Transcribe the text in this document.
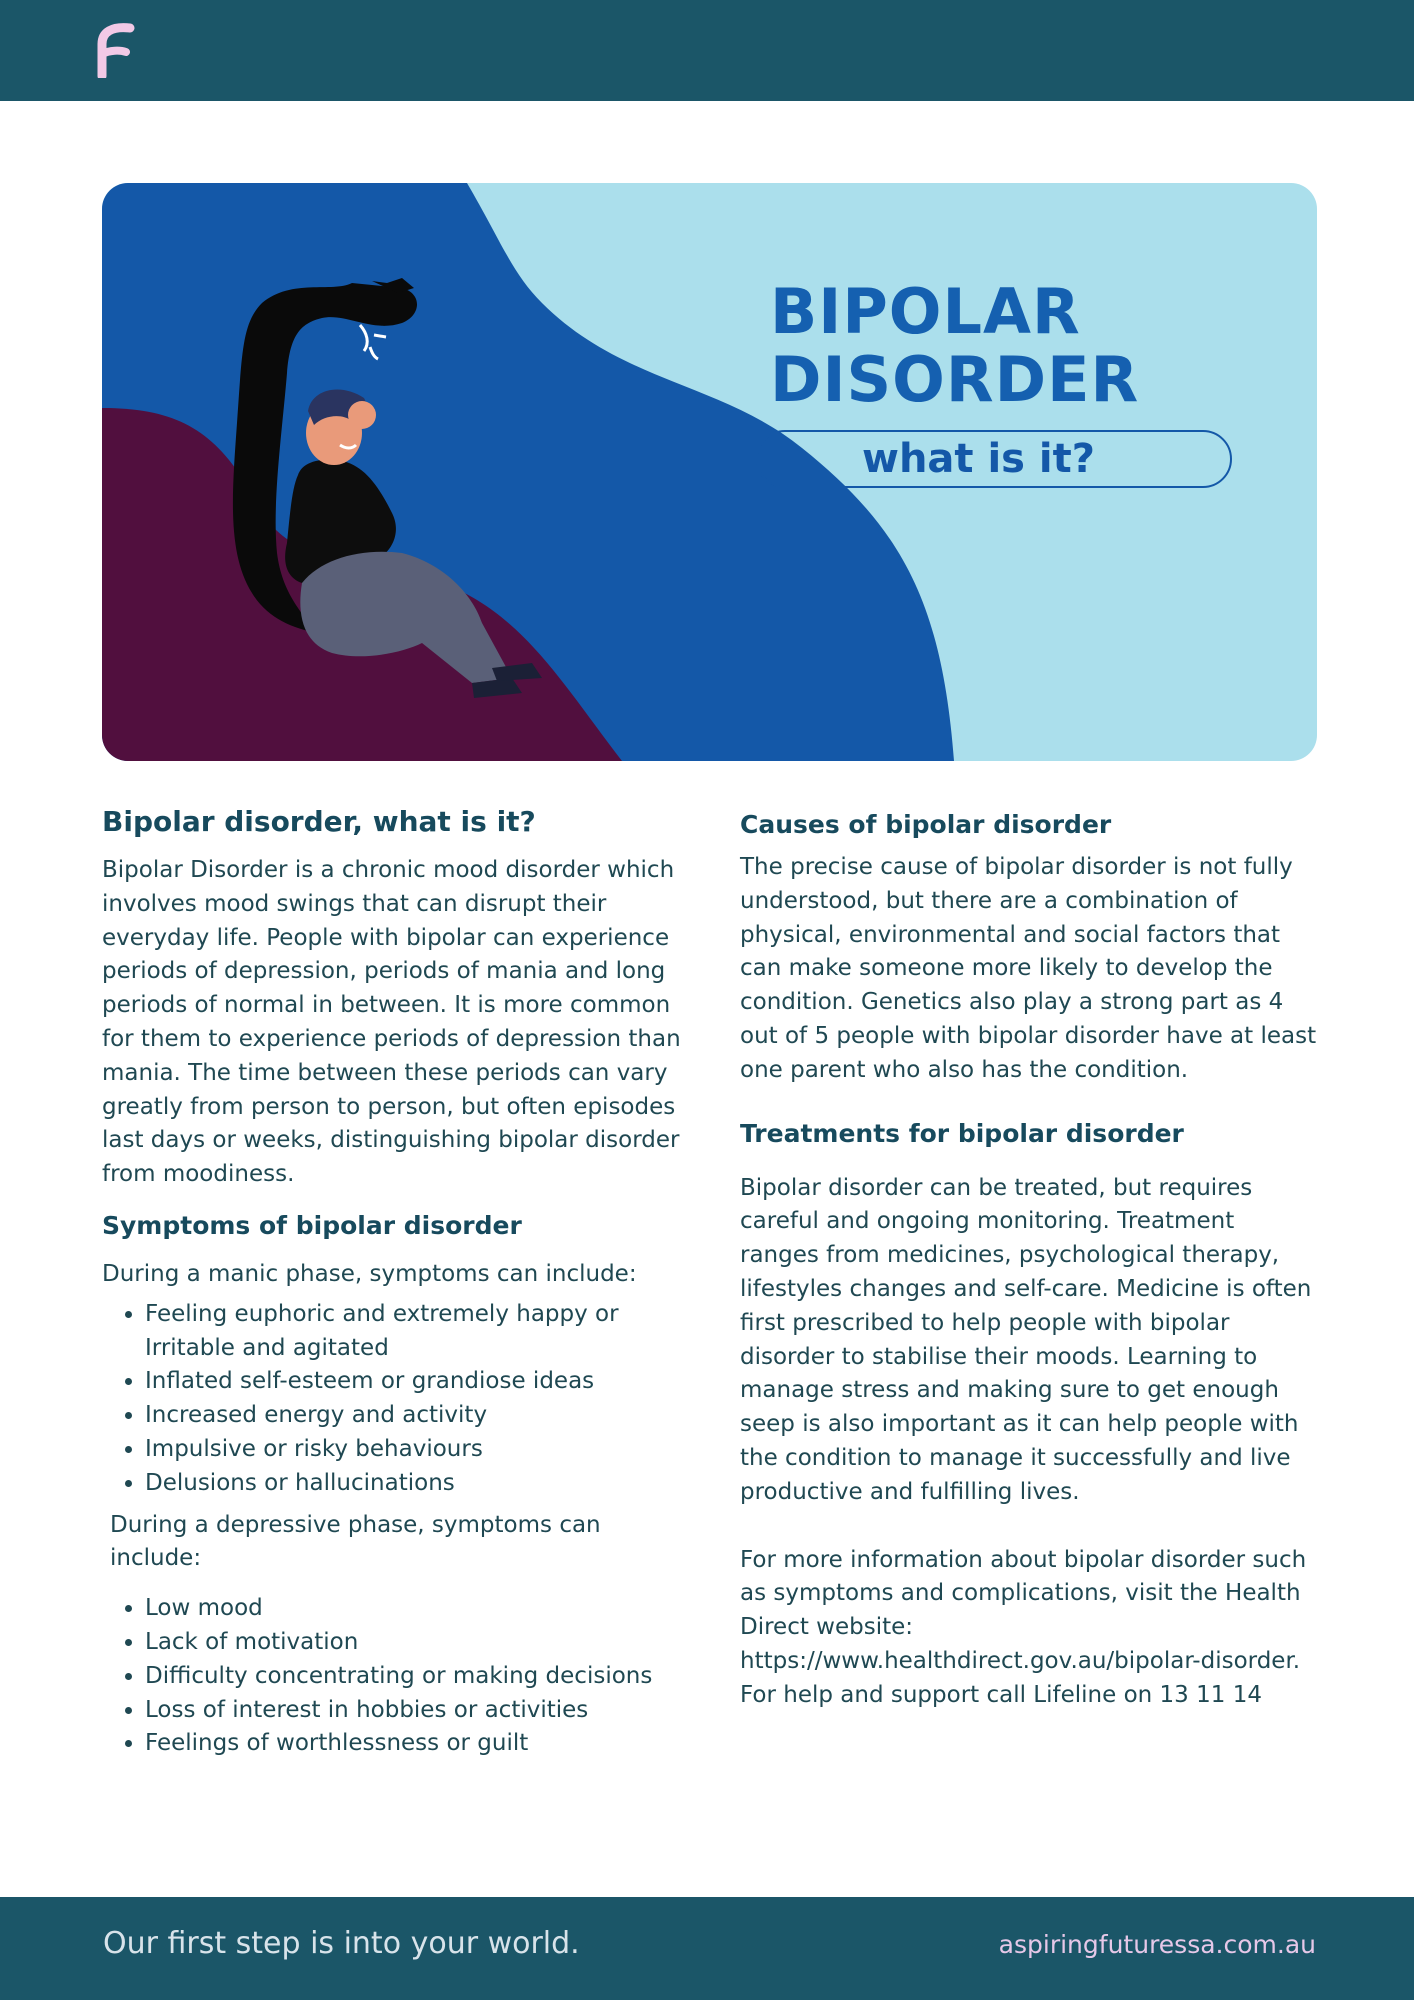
BIPOLAR
DISORDER
what is it?
Bipolar disorder, what is it?

Bipolar Disorder is a chronic mood disorder which involves mood swings that can disrupt their everyday life. People with bipolar can experience periods of depression, periods of mania and long periods of normal in between. It is more common for them to experience periods of depression than mania. The time between these periods can vary greatly from person to person, but often episodes last days or weeks, distinguishing bipolar disorder from moodiness.

Symptoms of bipolar disorder

During a manic phase, symptoms can include:

• Feeling euphoric and extremely happy or Irritable and agitated
• Inflated self-esteem or grandiose ideas
• Increased energy and activity
• Impulsive or risky behaviours
• Delusions or hallucinations

During a depressive phase, symptoms can include:

• Low mood
• Lack of motivation
• Difficulty concentrating or making decisions
• Loss of interest in hobbies or activities
• Feelings of worthlessness or guilt
Causes of bipolar disorder

The precise cause of bipolar disorder is not fully understood, but there are a combination of physical, environmental and social factors that can make someone more likely to develop the condition. Genetics also play a strong part as 4 out of 5 people with bipolar disorder have at least one parent who also has the condition.

Treatments for bipolar disorder

Bipolar disorder can be treated, but requires careful and ongoing monitoring. Treatment ranges from medicines, psychological therapy, lifestyles changes and self-care. Medicine is often first prescribed to help people with bipolar disorder to stabilise their moods. Learning to manage stress and making sure to get enough seep is also important as it can help people with the condition to manage it successfully and live productive and fulfilling lives.

For more information about bipolar disorder such as symptoms and complications, visit the Health Direct website:

https://www.healthdirect.gov.au/bipolar-disorder.

For help and support call Lifeline on 13 11 14

Our first step is into your world.	aspiringfuturessa.com.au
